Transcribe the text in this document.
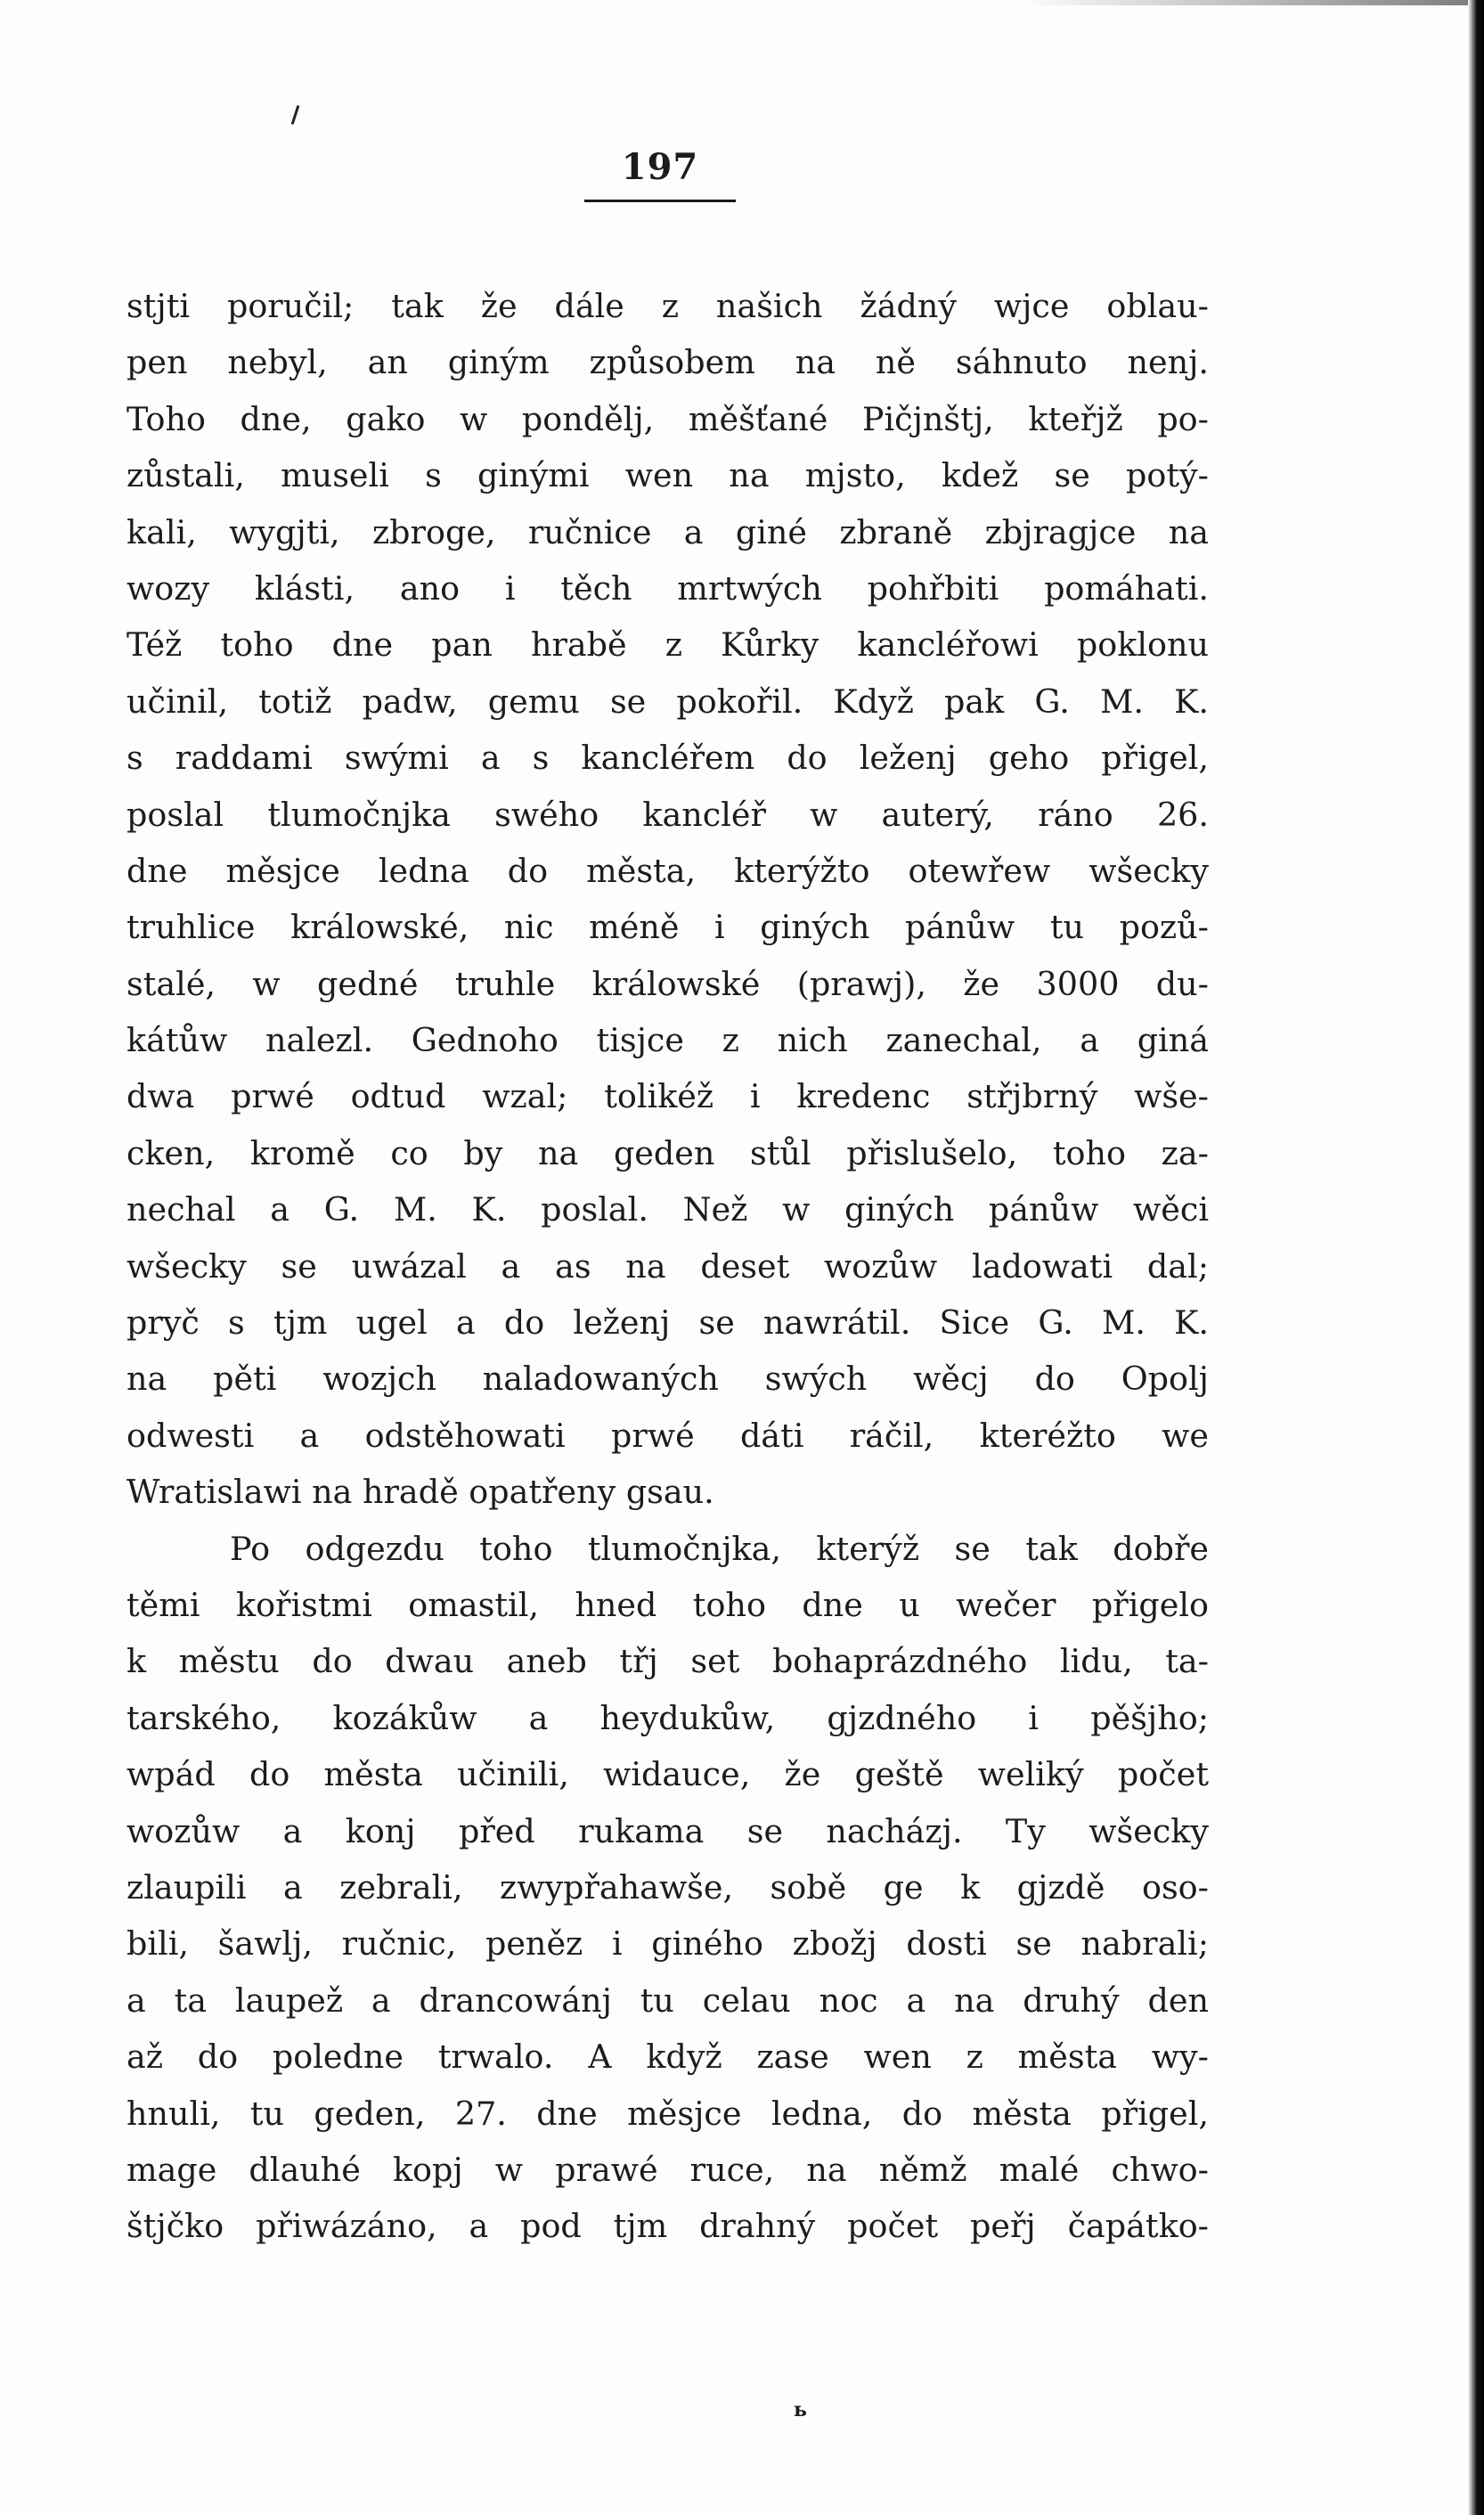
197
stjti poručil; tak že dále z našich žádný wjce oblau-
pen nebyl, an giným způsobem na ně sáhnuto nenj.
Toho dne, gako w pondělj, měšťané Pičjnštj, kteřjž po-
zůstali, museli s ginými wen na mjsto, kdež se potý-
kali, wygjti, zbroge, ručnice a giné zbraně zbjragjce na
wozy klásti, ano i těch mrtwých pohřbiti pomáhati.
Též toho dne pan hrabě z Kůrky kancléřowi poklonu
učinil, totiž padw, gemu se pokořil. Když pak G. M. K.
s raddami swými a s kancléřem do leženj geho přigel,
poslal tlumočnjka swého kancléř w auterý, ráno 26.
dne měsjce ledna do města, kterýžto otewřew wšecky
truhlice králowské, nic méně i giných pánůw tu pozů-
stalé, w gedné truhle králowské (prawj), že 3000 du-
kátůw nalezl. Gednoho tisjce z nich zanechal, a giná
dwa prwé odtud wzal; tolikéž i kredenc střjbrný wše-
cken, kromě co by na geden stůl přislušelo, toho za-
nechal a G. M. K. poslal. Než w giných pánůw wěci
wšecky se uwázal a as na deset wozůw ladowati dal;
pryč s tjm ugel a do leženj se nawrátil. Sice G. M. K.
na pěti wozjch naladowaných swých wěcj do Opolj
odwesti a odstěhowati prwé dáti ráčil, kteréžto we
Wratislawi na hradě opatřeny gsau.
Po odgezdu toho tlumočnjka, kterýž se tak dobře
těmi kořistmi omastil, hned toho dne u wečer přigelo
k městu do dwau aneb třj set bohaprázdného lidu, ta-
tarského, kozákůw a heydukůw, gjzdného i pěšjho;
wpád do města učinili, widauce, že geště weliký počet
wozůw a konj před rukama se nacházj. Ty wšecky
zlaupili a zebrali, zwypřahawše, sobě ge k gjzdě oso-
bili, šawlj, ručnic, peněz i giného zbožj dosti se nabrali;
a ta laupež a drancowánj tu celau noc a na druhý den
až do poledne trwalo. A když zase wen z města wy-
hnuli, tu geden, 27. dne měsjce ledna, do města přigel,
mage dlauhé kopj w prawé ruce, na němž malé chwo-
štjčko přiwázáno, a pod tjm drahný počet peřj čapátko-
ь
